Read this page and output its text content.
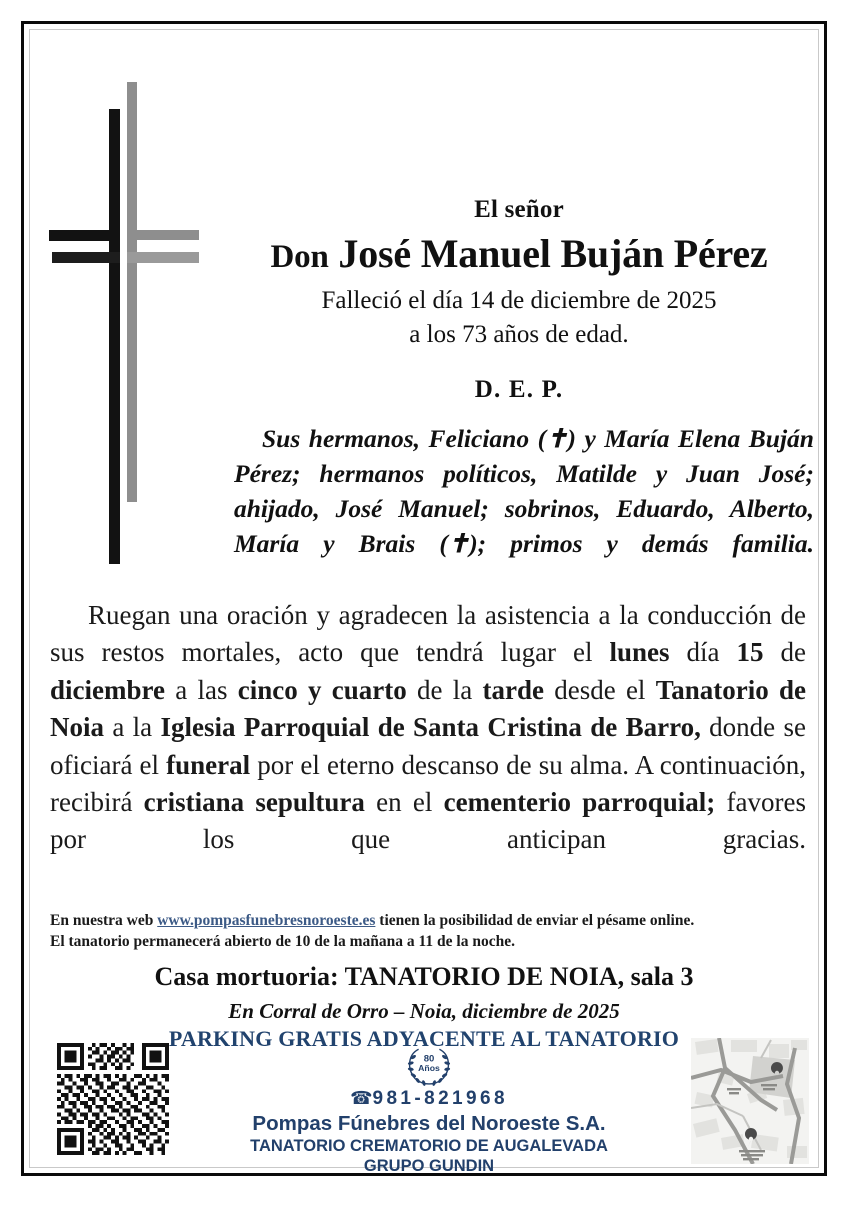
El señor
Don José Manuel Buján Pérez
Falleció el día 14 de diciembre de 2025
a los 73 años de edad.
D. E. P.
Sus hermanos, Feliciano (✝) y María Elena Buján Pérez; hermanos políticos, Matilde y Juan José; ahijado, José Manuel; sobrinos, Eduardo, Alberto, María y Brais (✝); primos y demás familia.
Ruegan una oración y agradecen la asistencia a la conducción de sus restos mortales, acto que tendrá lugar el lunes día 15 de diciembre a las cinco y cuarto de la tarde desde el Tanatorio de Noia a la Iglesia Parroquial de Santa Cristina de Barro, donde se oficiará el funeral por el eterno descanso de su alma. A continuación, recibirá cristiana sepultura en el cementerio parroquial; favores por los que anticipan gracias.
En nuestra web www.pompasfunebresnoroeste.es tienen la posibilidad de enviar el pésame online.
El tanatorio permanecerá abierto de 10 de la mañana a 11 de la noche.
Casa mortuoria: TANATORIO DE NOIA, sala 3
En Corral de Orro – Noia, diciembre de 2025
PARKING GRATIS ADYACENTE AL TANATORIO
80
Años
☎981-821968
Pompas Fúnebres del Noroeste S.A.
TANATORIO CREMATORIO DE AUGALEVADA
GRUPO GUNDIN
